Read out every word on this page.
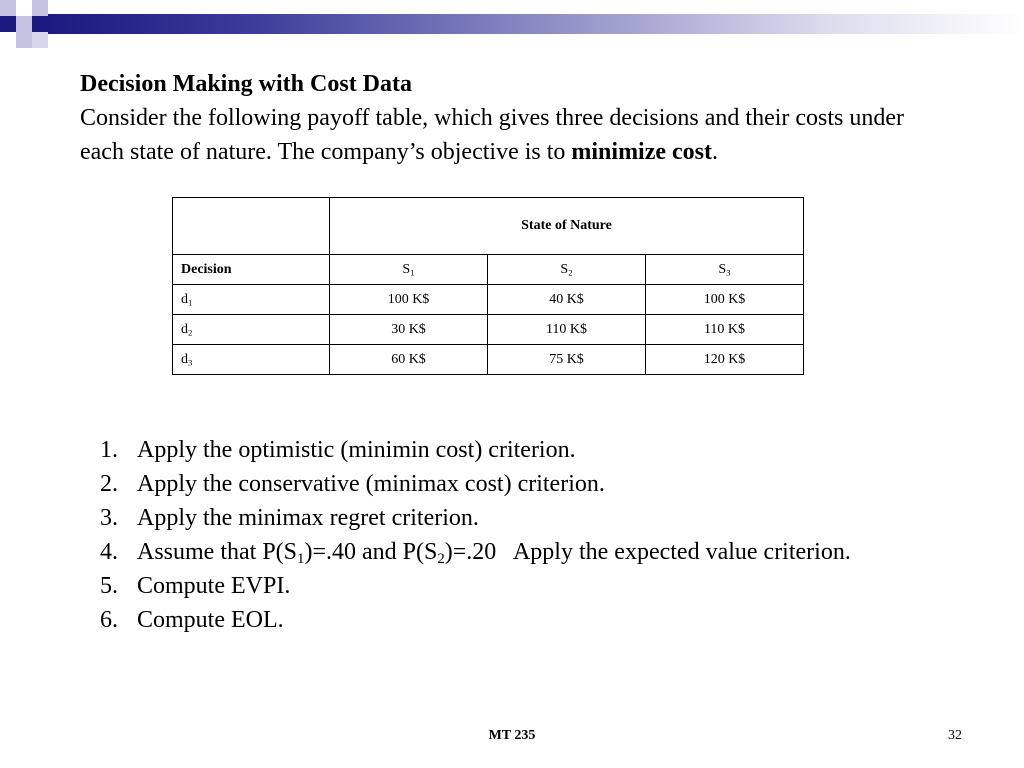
Decision Making with Cost Data
Consider the following payoff table, which gives three decisions and their costs under each state of nature. The company’s objective is to minimize cost.
	State of Nature		
Decision	$S_1$	$S_2$	$S_3$
$d_1$	100 K$	40 K$	100 K$
$d_2$	30 K$	110 K$	110 K$
$d_3$	60 K$	75 K$	120 K$
1. Apply the optimistic (minimin cost) criterion.
2. Apply the conservative (minimax cost) criterion.
3. Apply the minimax regret criterion.
4. Assume that $P(S_1)=.40$ and $P(S_2)=.20$   Apply the expected value criterion.
5. Compute EVPI.
6. Compute EOL.
MT 235	32
